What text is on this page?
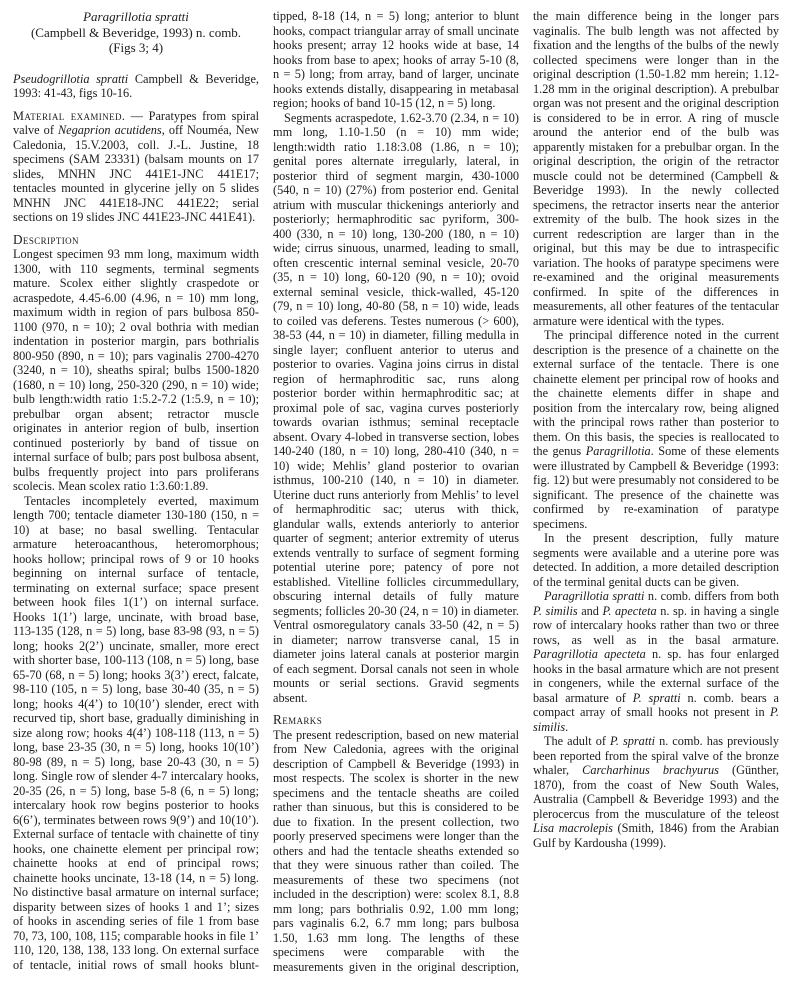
Paragrillotia spratti
(Campbell & Beveridge, 1993) n. comb.
(Figs 3; 4)

Pseudogrillotia spratti Campbell & Beveridge, 1993: 41-43, figs 10-16.

Material examined. — Paratypes from spiral valve of Negaprion acutidens, off Nouméa, New Caledonia, 15.V.2003, coll. J.-L. Justine, 18 specimens (SAM 23331) (balsam mounts on 17 slides, MNHN JNC 441E1-JNC 441E17; tentacles mounted in glycerine jelly on 5 slides MNHN JNC 441E18-JNC 441E22; serial sections on 19 slides JNC 441E23-JNC 441E41).

Description

Longest specimen 93 mm long, maximum width 1300, with 110 segments, terminal segments mature. Scolex either slightly craspedote or acraspedote, 4.45-6.00 (4.96, n = 10) mm long, maximum width in region of pars bulbosa 850-1100 (970, n = 10); 2 oval bothria with median indentation in posterior margin, pars bothrialis 800-950 (890, n = 10); pars vaginalis 2700-4270 (3240, n = 10), sheaths spiral; bulbs 1500-1820 (1680, n = 10) long, 250-320 (290, n = 10) wide; bulb length:width ratio 1:5.2-7.2 (1:5.9, n = 10); prebulbar organ absent; retractor muscle originates in anterior region of bulb, insertion continued posteriorly by band of tissue on internal surface of bulb; pars post bulbosa absent, bulbs frequently project into pars proliferans scolecis. Mean scolex ratio 1:3.60:1.89.

Tentacles incompletely everted, maximum length 700; tentacle diameter 130-180 (150, n = 10) at base; no basal swelling. Tentacular armature heteroacanthous, heteromorphous; hooks hollow; principal rows of 9 or 10 hooks beginning on internal surface of tentacle, terminating on external surface; space present between hook files 1(1’) on internal surface. Hooks 1(1’) large, uncinate, with broad base, 113-135 (128, n = 5) long, base 83-98 (93, n = 5) long; hooks 2(2’) uncinate, smaller, more erect with shorter base, 100-113 (108, n = 5) long, base 65-70 (68, n = 5) long; hooks 3(3’) erect, falcate, 98-110 (105, n = 5) long, base 30-40 (35, n = 5) long; hooks 4(4’) to 10(10’) slender, erect with recurved tip, short base, gradually diminishing in size along row; hooks 4(4’) 108-118 (113, n = 5) long, base 23-35 (30, n = 5) long, hooks 10(10’) 80-98 (89, n = 5) long, base 20-43 (30, n = 5) long. Single row of slender 4-7 intercalary hooks, 20-35 (26, n = 5) long, base 5-8 (6, n = 5) long; intercalary hook row begins posterior to hooks 6(6’), terminates between rows 9(9’) and 10(10’). External surface of tentacle with chainette of tiny hooks, one chainette element per principal row; chainette hooks at end of principal rows; chainette hooks uncinate, 13-18 (14, n = 5) long. No distinctive basal armature on internal surface; disparity between sizes of hooks 1 and 1’; sizes of hooks in ascending series of file 1 from base 70, 73, 100, 108, 115; comparable hooks in file 1’ 110, 120, 138, 138, 133 long. On external surface of tentacle, initial rows of small hooks blunt-tipped, 8-18 (14, n = 5) long; anterior to blunt hooks, compact triangular array of small uncinate hooks present; array 12 hooks wide at base, 14 hooks from base to apex; hooks of array 5-10 (8, n = 5) long; from array, band of larger, uncinate hooks extends distally, disappearing in metabasal region; hooks of band 10-15 (12, n = 5) long.

Segments acraspedote, 1.62-3.70 (2.34, n = 10) mm long, 1.10-1.50 (n = 10) mm wide; length:width ratio 1.18:3.08 (1.86, n = 10); genital pores alternate irregularly, lateral, in posterior third of segment margin, 430-1000 (540, n = 10) (27%) from posterior end. Genital atrium with muscular thickenings anteriorly and posteriorly; hermaphroditic sac pyriform, 300-400 (330, n = 10) long, 130-200 (180, n = 10) wide; cirrus sinuous, unarmed, leading to small, often crescentic internal seminal vesicle, 20-70 (35, n = 10) long, 60-120 (90, n = 10); ovoid external seminal vesicle, thick-walled, 45-120 (79, n = 10) long, 40-80 (58, n = 10) wide, leads to coiled vas deferens. Testes numerous (> 600), 38-53 (44, n = 10) in diameter, filling medulla in single layer; confluent anterior to uterus and posterior to ovaries. Vagina joins cirrus in distal region of hermaphroditic sac, runs along posterior border within hermaphroditic sac; at proximal pole of sac, vagina curves posteriorly towards ovarian isthmus; seminal receptacle absent. Ovary 4-lobed in transverse section, lobes 140-240 (180, n = 10) long, 280-410 (340, n = 10) wide; Mehlis’ gland posterior to ovarian isthmus, 100-210 (140, n = 10) in diameter. Uterine duct runs anteriorly from Mehlis’ to level of hermaphroditic sac; uterus with thick, glandular walls, extends anteriorly to anterior quarter of segment; anterior extremity of uterus extends ventrally to surface of segment forming potential uterine pore; patency of pore not established. Vitelline follicles circummedullary, obscuring internal details of fully mature segments; follicles 20-30 (24, n = 10) in diameter. Ventral osmoregulatory canals 33-50 (42, n = 5) in diameter; narrow transverse canal, 15 in diameter joins lateral canals at posterior margin of each segment. Dorsal canals not seen in whole mounts or serial sections. Gravid segments absent.

Remarks

The present redescription, based on new material from New Caledonia, agrees with the original description of Campbell & Beveridge (1993) in most respects. The scolex is shorter in the new specimens and the tentacle sheaths are coiled rather than sinuous, but this is considered to be due to fixation. In the present collection, two poorly preserved specimens were longer than the others and had the tentacle sheaths extended so that they were sinuous rather than coiled. The measurements of these two specimens (not included in the description) were: scolex 8.1, 8.8 mm long; pars bothrialis 0.92, 1.00 mm long; pars vaginalis 6.2, 6.7 mm long; pars bulbosa 1.50, 1.63 mm long. The lengths of these specimens were comparable with the measurements given in the original description, the main difference being in the longer pars vaginalis. The bulb length was not affected by fixation and the lengths of the bulbs of the newly collected specimens were longer than in the original description (1.50-1.82 mm herein; 1.12-1.28 mm in the original description). A prebulbar organ was not present and the original description is considered to be in error. A ring of muscle around the anterior end of the bulb was apparently mistaken for a prebulbar organ. In the original description, the origin of the retractor muscle could not be determined (Campbell & Beveridge 1993). In the newly collected specimens, the retractor inserts near the anterior extremity of the bulb. The hook sizes in the current redescription are larger than in the original, but this may be due to intraspecific variation. The hooks of paratype specimens were re-examined and the original measurements confirmed. In spite of the differences in measurements, all other features of the tentacular armature were identical with the types.

The principal difference noted in the current description is the presence of a chainette on the external surface of the tentacle. There is one chainette element per principal row of hooks and the chainette elements differ in shape and position from the intercalary row, being aligned with the principal rows rather than posterior to them. On this basis, the species is reallocated to the genus Paragrillotia. Some of these elements were illustrated by Campbell & Beveridge (1993: fig. 12) but were presumably not considered to be significant. The presence of the chainette was confirmed by re-examination of paratype specimens.

In the present description, fully mature segments were available and a uterine pore was detected. In addition, a more detailed description of the terminal genital ducts can be given.

Paragrillotia spratti n. comb. differs from both P. similis and P. apecteta n. sp. in having a single row of intercalary hooks rather than two or three rows, as well as in the basal armature. Paragrillotia apecteta n. sp. has four enlarged hooks in the basal armature which are not present in congeners, while the external surface of the basal armature of P. spratti n. comb. bears a compact array of small hooks not present in P. similis.

The adult of P. spratti n. comb. has previously been reported from the spiral valve of the bronze whaler, Carcharhinus brachyurus (Günther, 1870), from the coast of New South Wales, Australia (Campbell & Beveridge 1993) and the plerocercus from the musculature of the teleost Lisa macrolepis (Smith, 1846) from the Arabian Gulf by Kardousha (1999).
